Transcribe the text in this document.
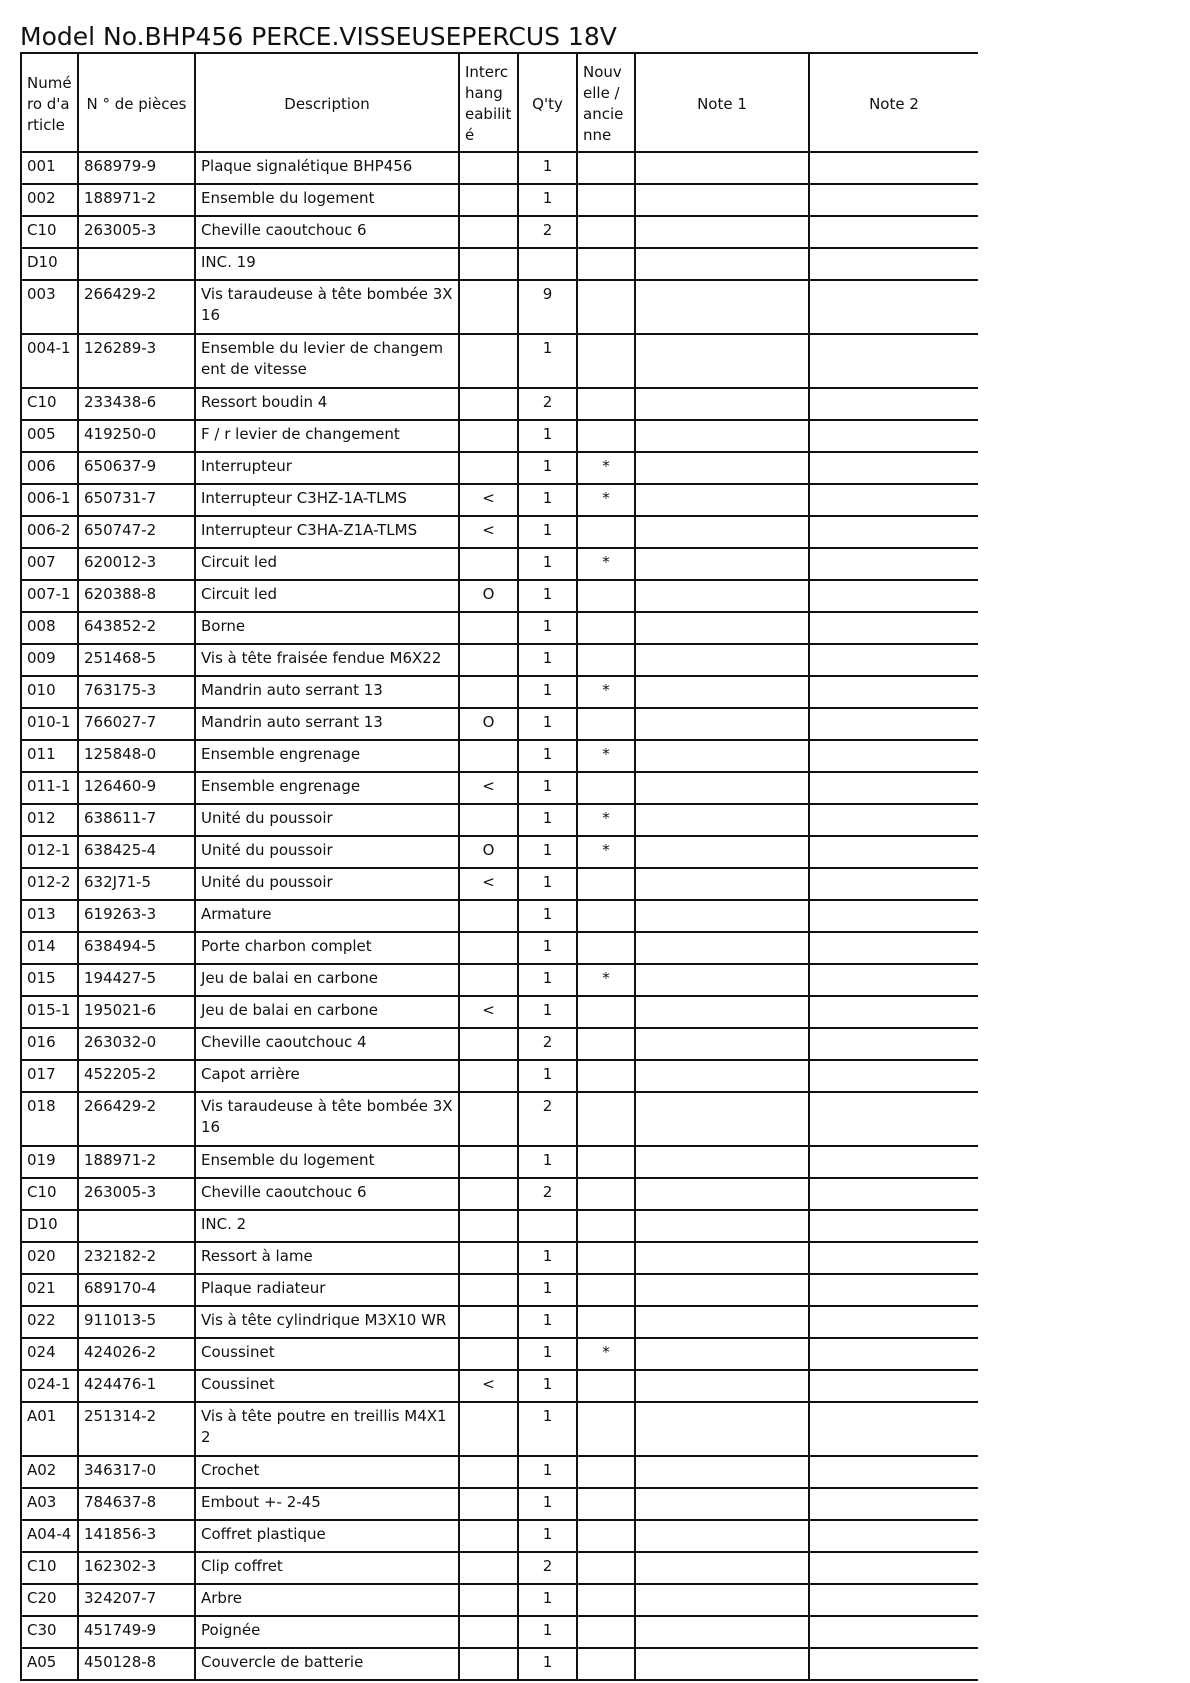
Model No.BHP456 PERCE.VISSEUSEPERCUS 18V
Numé ro d'a rticle	N ° de pièces	Description	Interc hang eabilit é	Q'ty	Nouv elle / ancie nne	Note 1	Note 2
001	868979-9	Plaque signalétique BHP456		1			
002	188971-2	Ensemble du logement		1			
C10	263005-3	Cheville caoutchouc 6		2			
D10		INC. 19					
003	266429-2	Vis taraudeuse à tête bombée 3X 16		9			
004-1	126289-3	Ensemble du levier de changem ent de vitesse		1			
C10	233438-6	Ressort boudin 4		2			
005	419250-0	F / r levier de changement		1			
006	650637-9	Interrupteur		1	*		
006-1	650731-7	Interrupteur C3HZ-1A-TLMS	<	1	*		
006-2	650747-2	Interrupteur C3HA-Z1A-TLMS	<	1			
007	620012-3	Circuit led		1	*		
007-1	620388-8	Circuit led	O	1			
008	643852-2	Borne		1			
009	251468-5	Vis à tête fraisée fendue M6X22		1			
010	763175-3	Mandrin auto serrant 13		1	*		
010-1	766027-7	Mandrin auto serrant 13	O	1			
011	125848-0	Ensemble engrenage		1	*		
011-1	126460-9	Ensemble engrenage	<	1			
012	638611-7	Unité du poussoir		1	*		
012-1	638425-4	Unité du poussoir	O	1	*		
012-2	632J71-5	Unité du poussoir	<	1			
013	619263-3	Armature		1			
014	638494-5	Porte charbon complet		1			
015	194427-5	Jeu de balai en carbone		1	*		
015-1	195021-6	Jeu de balai en carbone	<	1			
016	263032-0	Cheville caoutchouc 4		2			
017	452205-2	Capot arrière		1			
018	266429-2	Vis taraudeuse à tête bombée 3X 16		2			
019	188971-2	Ensemble du logement		1			
C10	263005-3	Cheville caoutchouc 6		2			
D10		INC. 2					
020	232182-2	Ressort à lame		1			
021	689170-4	Plaque radiateur		1			
022	911013-5	Vis à tête cylindrique M3X10 WR		1			
024	424026-2	Coussinet		1	*		
024-1	424476-1	Coussinet	<	1			
A01	251314-2	Vis à tête poutre en treillis M4X1 2		1			
A02	346317-0	Crochet		1			
A03	784637-8	Embout +- 2-45		1			
A04-4	141856-3	Coffret plastique		1			
C10	162302-3	Clip coffret		2			
C20	324207-7	Arbre		1			
C30	451749-9	Poignée		1			
A05	450128-8	Couvercle de batterie		1			
